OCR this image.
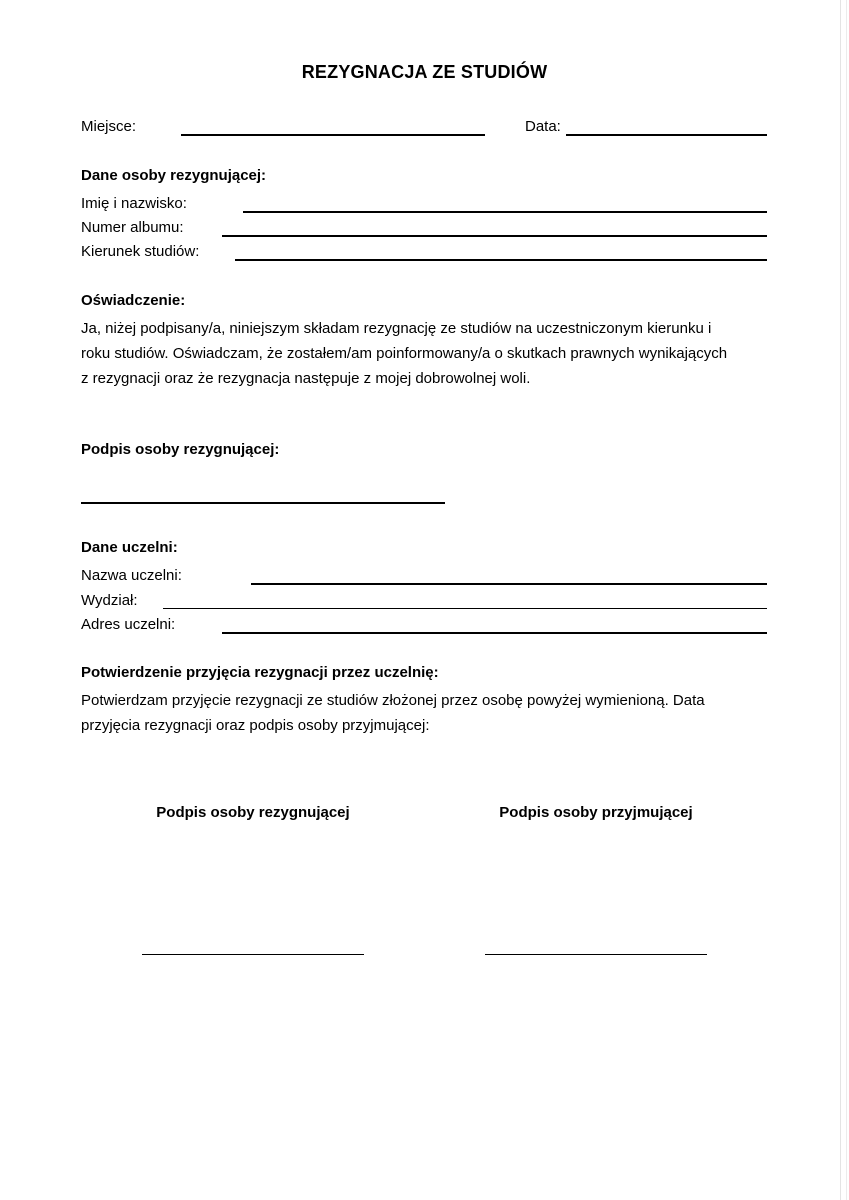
REZYGNACJA ZE STUDIÓW
Miejsce:	Data:
Dane osoby rezygnującej:
Imię i nazwisko:
Numer albumu:
Kierunek studiów:
Oświadczenie:
Ja, niżej podpisany/a, niniejszym składam rezygnację ze studiów na uczestniczonym kierunku i
roku studiów. Oświadczam, że zostałem/am poinformowany/a o skutkach prawnych wynikających
z rezygnacji oraz że rezygnacja następuje z mojej dobrowolnej woli.
Podpis osoby rezygnującej:
Dane uczelni:
Nazwa uczelni:
Wydział:
Adres uczelni:
Potwierdzenie przyjęcia rezygnacji przez uczelnię:
Potwierdzam przyjęcie rezygnacji ze studiów złożonej przez osobę powyżej wymienioną. Data
przyjęcia rezygnacji oraz podpis osoby przyjmującej:
Podpis osoby rezygnującej	Podpis osoby przyjmującej
